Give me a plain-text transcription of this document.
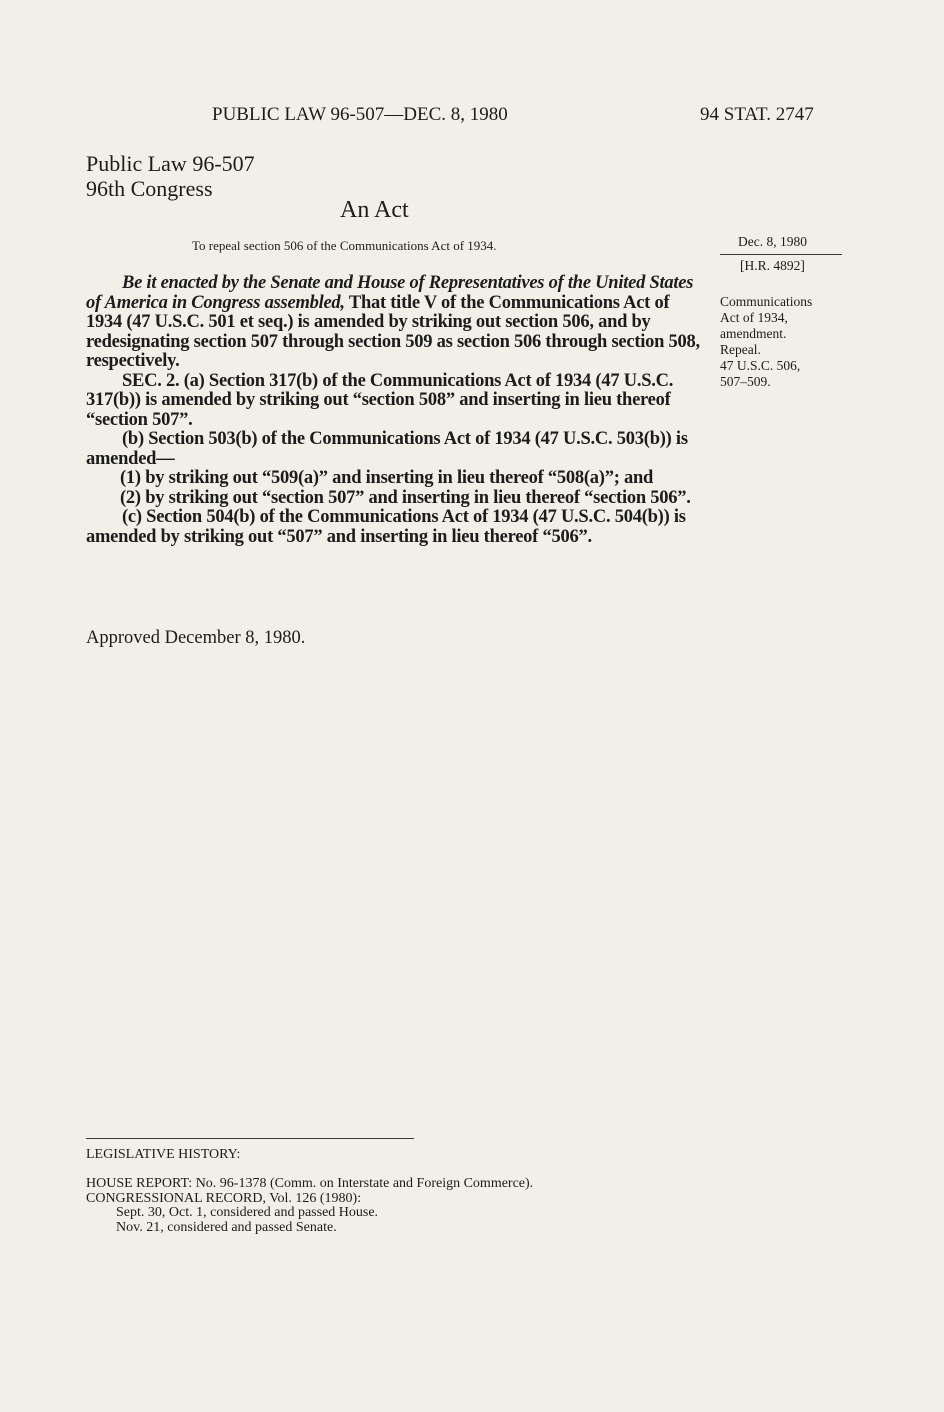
PUBLIC LAW 96-507—DEC. 8, 1980	94 STAT. 2747
Public Law 96-507
96th Congress
An Act
To repeal section 506 of the Communications Act of 1934.	Dec. 8, 1980
[H.R. 4892]
Communications
Act of 1934,
amendment.
Repeal.
47 U.S.C. 506,
507–509.

Be it enacted by the Senate and House of Representatives of the United States of America in Congress assembled, That title V of the Communications Act of 1934 (47 U.S.C. 501 et seq.) is amended by striking out section 506, and by redesignating section 507 through section 509 as section 506 through section 508, respectively.

SEC. 2. (a) Section 317(b) of the Communications Act of 1934 (47 U.S.C. 317(b)) is amended by striking out “section 508” and inserting in lieu thereof “section 507”.

(b) Section 503(b) of the Communications Act of 1934 (47 U.S.C. 503(b)) is amended—

(1) by striking out “509(a)” and inserting in lieu thereof “508(a)”; and

(2) by striking out “section 507” and inserting in lieu thereof “section 506”.

(c) Section 504(b) of the Communications Act of 1934 (47 U.S.C. 504(b)) is amended by striking out “507” and inserting in lieu thereof “506”.

Approved December 8, 1980.
LEGISLATIVE HISTORY:

HOUSE REPORT: No. 96-1378 (Comm. on Interstate and Foreign Commerce).

CONGRESSIONAL RECORD, Vol. 126 (1980):

Sept. 30, Oct. 1, considered and passed House.

Nov. 21, considered and passed Senate.
